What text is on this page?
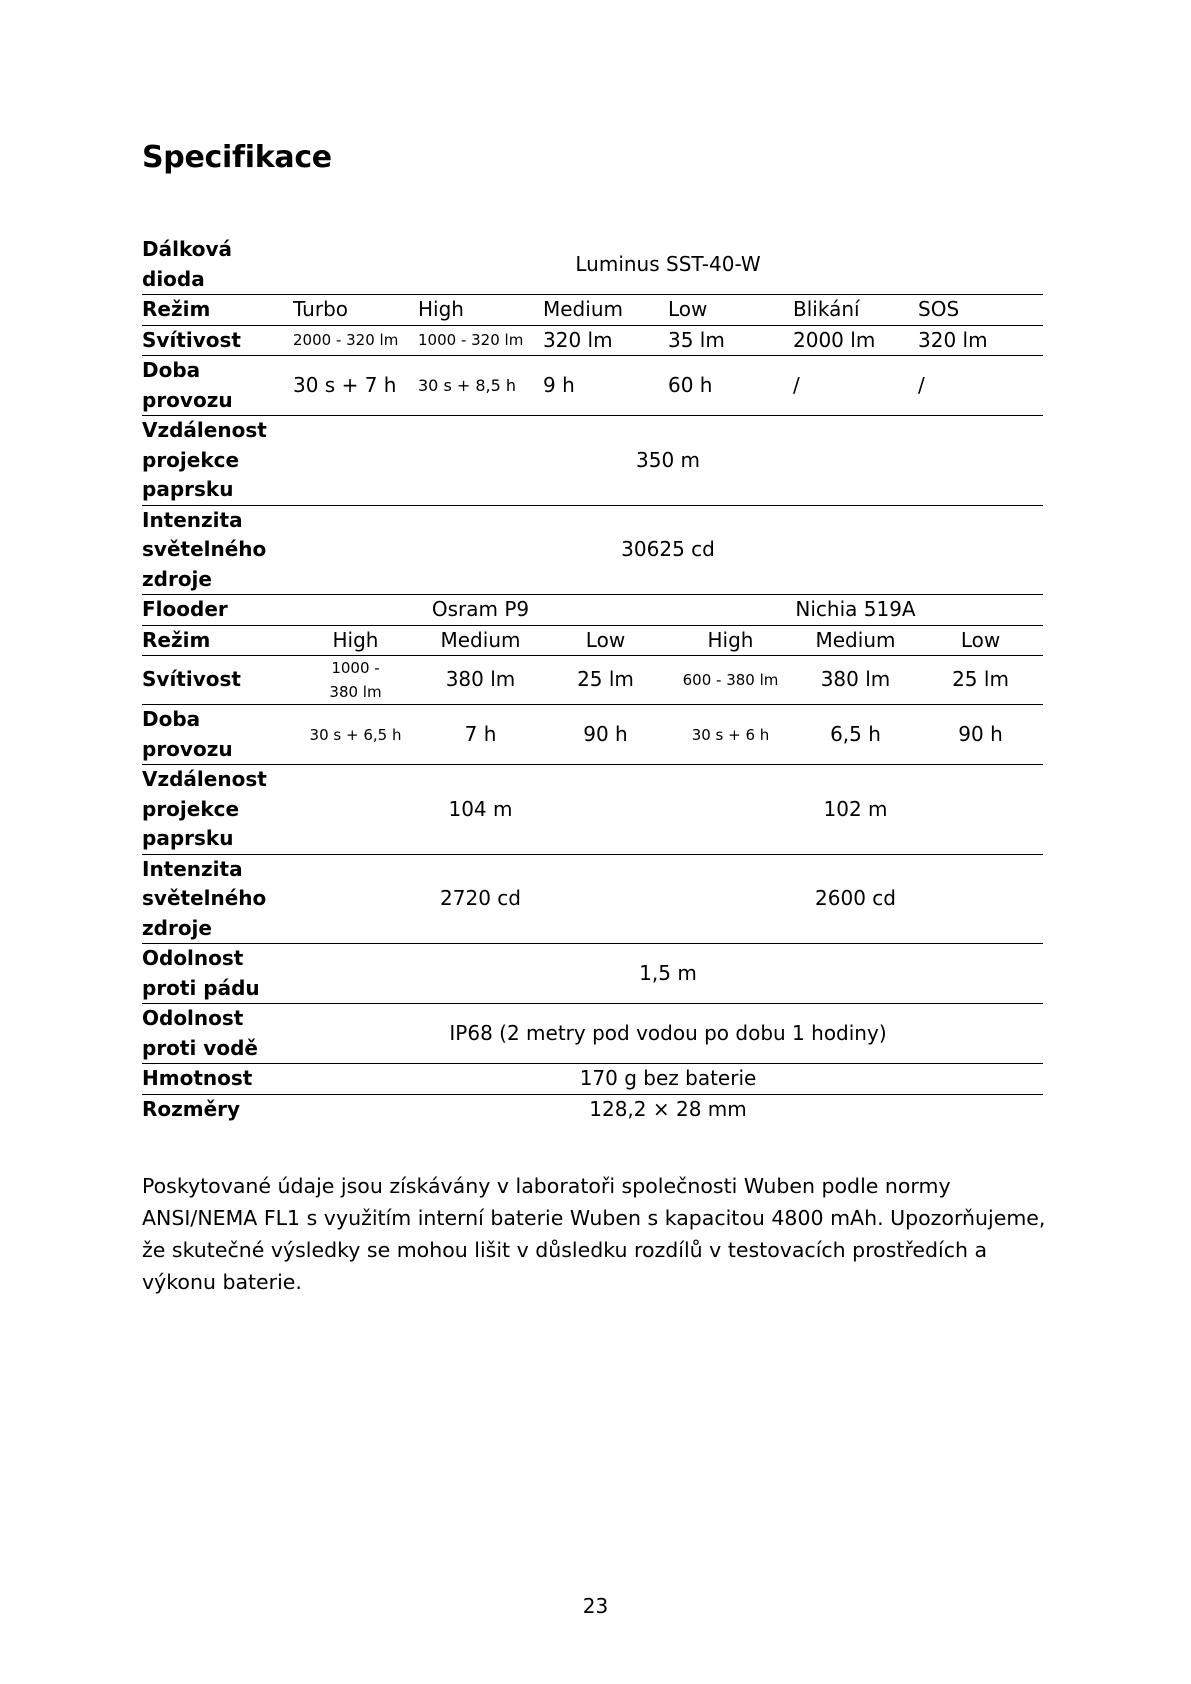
Specifikace
Dálková dioda	Luminus SST-40-W					
Režim	Turbo	High	Medium	Low	Blikání	SOS
Svítivost	2000 - 320 lm	1000 - 320 lm	320 lm	35 lm	2000 lm	320 lm
Doba provozu	30 s + 7 h	30 s + 8,5 h	9 h	60 h	/	/
Vzdálenost projekce paprsku	350 m					
Intenzita světelného zdroje	30625 cd					
Flooder	Osram P9			Nichia 519A		
Režim	High	Medium	Low	High	Medium	Low
Svítivost	1000 - 380 lm	380 lm	25 lm	600 - 380 lm	380 lm	25 lm
Doba provozu	30 s + 6,5 h	7 h	90 h	30 s + 6 h	6,5 h	90 h
Vzdálenost projekce paprsku	104 m			102 m		
Intenzita světelného zdroje	2720 cd			2600 cd		
Odolnost proti pádu	1,5 m					
Odolnost proti vodě	IP68 (2 metry pod vodou po dobu 1 hodiny)					
Hmotnost	170 g bez baterie					
Rozměry	128,2 × 28 mm					

Poskytované údaje jsou získávány v laboratoři společnosti Wuben podle normy ANSI/NEMA FL1 s využitím interní baterie Wuben s kapacitou 4800 mAh. Upozorňujeme, že skutečné výsledky se mohou lišit v důsledku rozdílů v testovacích prostředích a výkonu baterie.

23
